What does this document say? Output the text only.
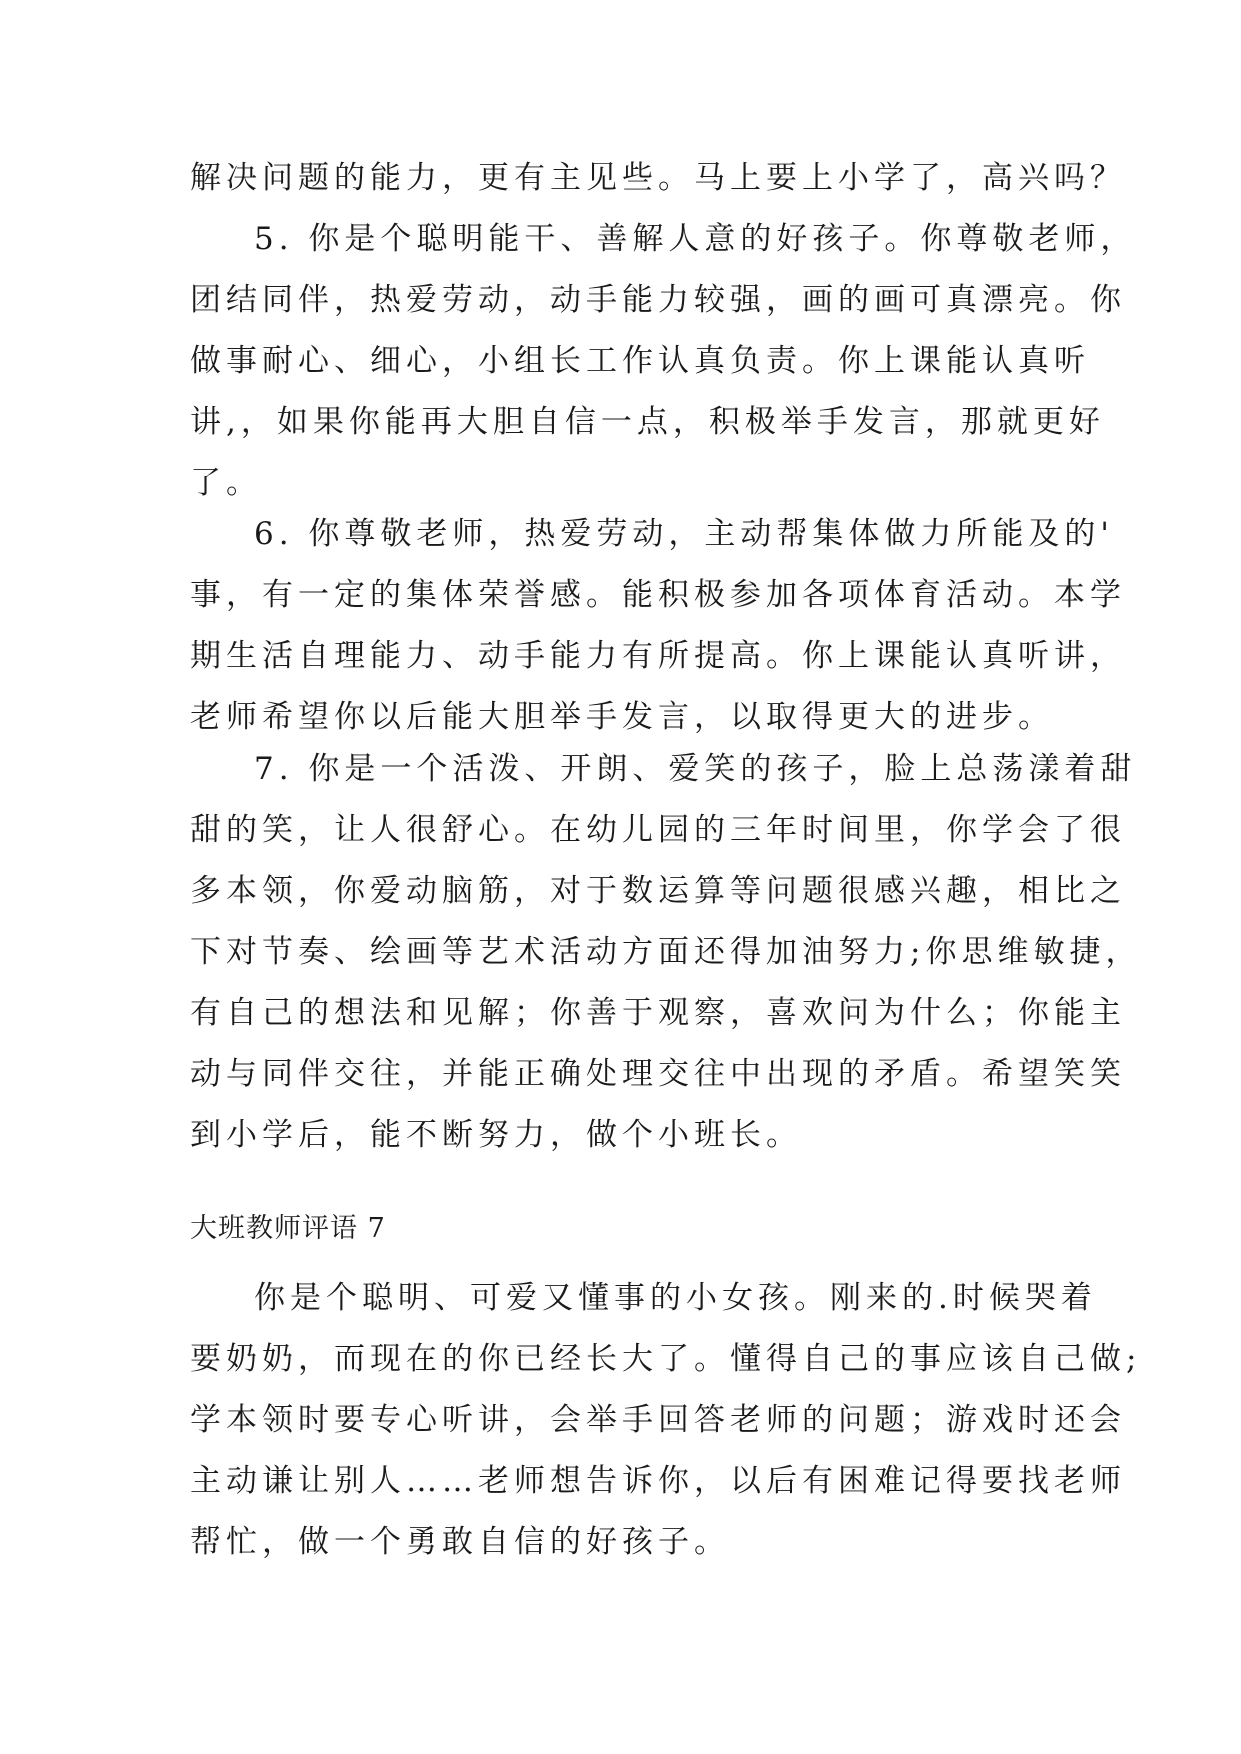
解决问题的能力，更有主见些。马上要上小学了，高兴吗？
5. 你是个聪明能干、善解人意的好孩子。你尊敬老师，
团结同伴，热爱劳动，动手能力较强，画的画可真漂亮。你
做事耐心、细心，小组长工作认真负责。你上课能认真听
讲,，如果你能再大胆自信一点，积极举手发言，那就更好
了。
6. 你尊敬老师，热爱劳动，主动帮集体做力所能及的'
事，有一定的集体荣誉感。能积极参加各项体育活动。本学
期生活自理能力、动手能力有所提高。你上课能认真听讲，
老师希望你以后能大胆举手发言，以取得更大的进步。
7. 你是一个活泼、开朗、爱笑的孩子，脸上总荡漾着甜
甜的笑，让人很舒心。在幼儿园的三年时间里，你学会了很
多本领，你爱动脑筋，对于数运算等问题很感兴趣，相比之
下对节奏、绘画等艺术活动方面还得加油努力;你思维敏捷，
有自己的想法和见解；你善于观察，喜欢问为什么；你能主
动与同伴交往，并能正确处理交往中出现的矛盾。希望笑笑
到小学后，能不断努力，做个小班长。
大班教师评语 7
你是个聪明、可爱又懂事的小女孩。刚来的.时候哭着
要奶奶，而现在的你已经长大了。懂得自己的事应该自己做;
学本领时要专心听讲，会举手回答老师的问题；游戏时还会
主动谦让别人……老师想告诉你，以后有困难记得要找老师
帮忙，做一个勇敢自信的好孩子。
